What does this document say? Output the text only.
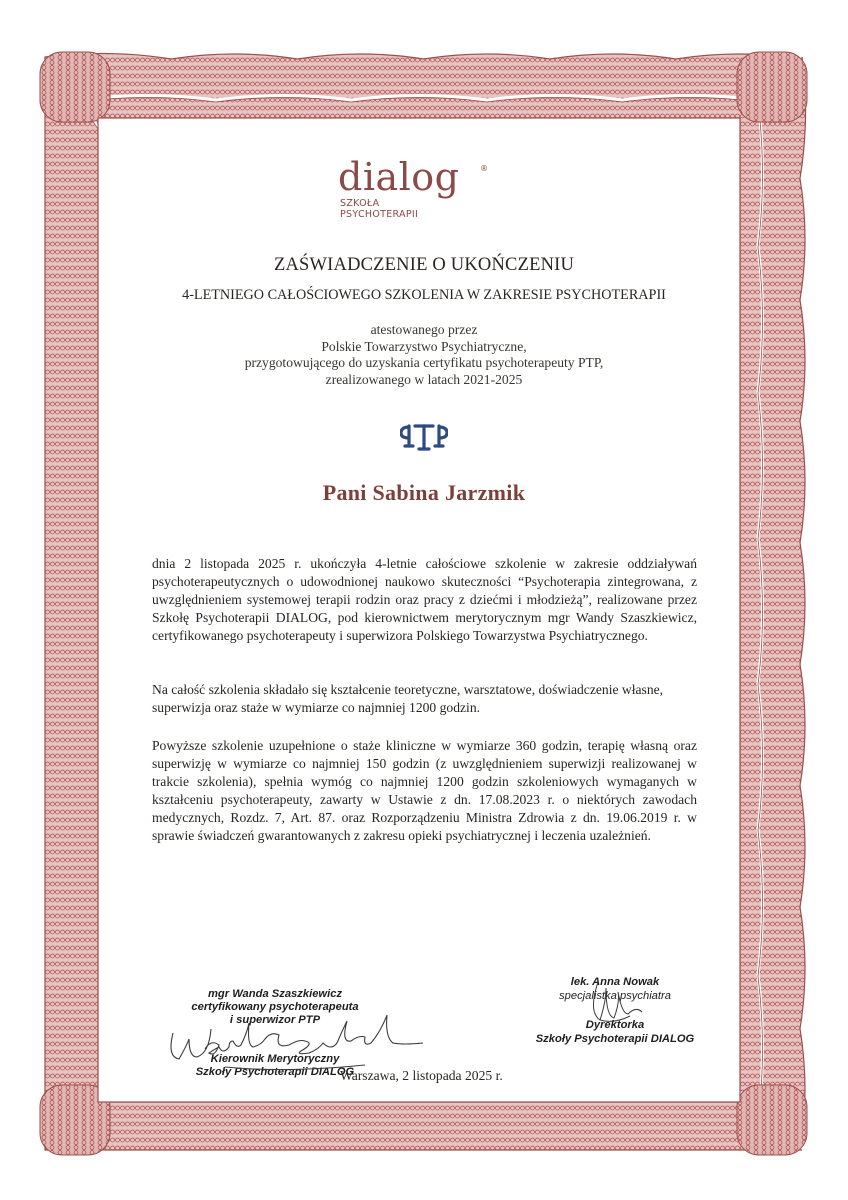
dialog	®
SZKOŁA
PSYCHOTERAPII
ZAŚWIADCZENIE O UKOŃCZENIU
4-LETNIEGO CAŁOŚCIOWEGO SZKOLENIA W ZAKRESIE PSYCHOTERAPII
atestowanego przez
Polskie Towarzystwo Psychiatryczne,
przygotowującego do uzyskania certyfikatu psychoterapeuty PTP,
zrealizowanego w latach 2021-2025
Pani Sabina Jarzmik
dnia 2 listopada 2025 r. ukończyła 4-letnie całościowe szkolenie w zakresie oddziaływań psychoterapeutycznych o udowodnionej naukowo skuteczności “Psychoterapia zintegrowana, z uwzględnieniem systemowej terapii rodzin oraz pracy z dziećmi i młodzieżą”, realizowane przez Szkołę Psychoterapii DIALOG, pod kierownictwem merytorycznym mgr Wandy Szaszkiewicz, certyfikowanego psychoterapeuty i superwizora Polskiego Towarzystwa Psychiatrycznego.
Na całość szkolenia składało się kształcenie teoretyczne, warsztatowe, doświadczenie własne, superwizja oraz staże w wymiarze co najmniej 1200 godzin.
Powyższe szkolenie uzupełnione o staże kliniczne w wymiarze 360 godzin, terapię własną oraz superwizję w wymiarze co najmniej 150 godzin (z uwzględnieniem superwizji realizowanej w trakcie szkolenia), spełnia wymóg co najmniej 1200 godzin szkoleniowych wymaganych w kształceniu psychoterapeuty, zawarty w Ustawie z dn. 17.08.2023 r. o niektórych zawodach medycznych, Rozdz. 7, Art. 87. oraz Rozporządzeniu Ministra Zdrowia z dn. 19.06.2019 r. w sprawie świadczeń gwarantowanych z zakresu opieki psychiatrycznej i leczenia uzależnień.
mgr Wanda Szaszkiewicz
certyfikowany psychoterapeuta
i superwizor PTP
Kierownik Merytoryczny
Szkoły Psychoterapii DIALOG
lek. Anna Nowak
specjalistka psychiatra
Dyrektorka
Szkoły Psychoterapii DIALOG
Warszawa, 2 listopada 2025 r.
